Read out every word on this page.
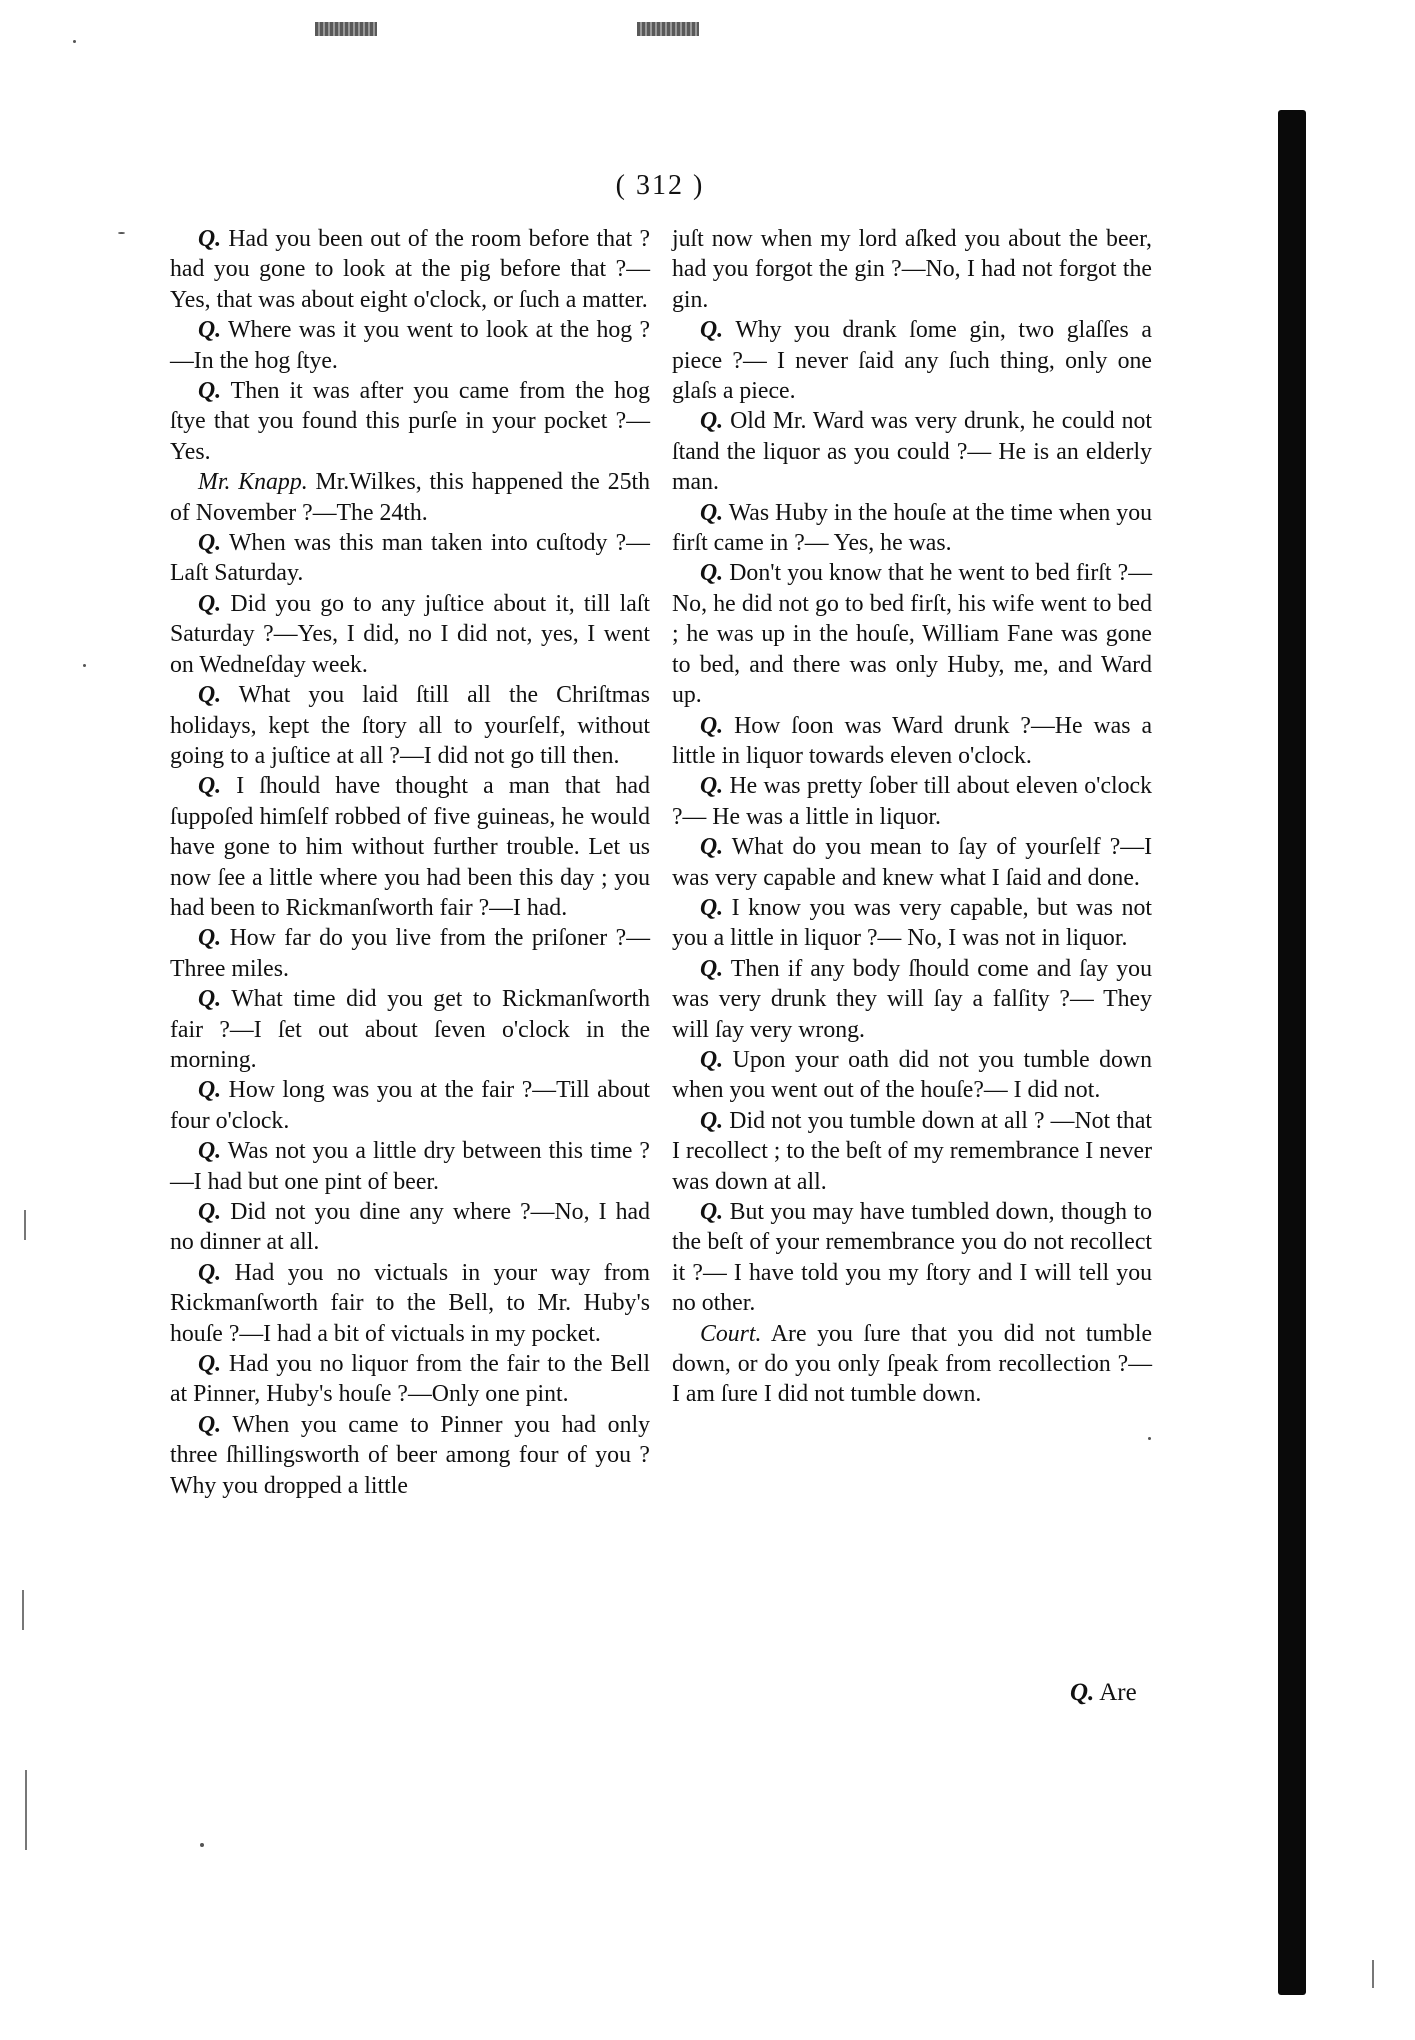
( 312 )

Q. Had you been out of the room before that ? had you gone to look at the pig before that ?—Yes, that was about eight o'clock, or ſuch a matter.

Q. Where was it you went to look at the hog ?—In the hog ſtye.

Q. Then it was after you came from the hog ſtye that you found this purſe in your pocket ?— Yes.

Mr. Knapp. Mr.Wilkes, this happened the 25th of November ?—The 24th.

Q. When was this man taken into cuſtody ?—Laſt Saturday.

Q. Did you go to any juſtice about it, till laſt Saturday ?—Yes, I did, no I did not, yes, I went on Wedneſday week.

Q. What you laid ſtill all the Chriſtmas holidays, kept the ſtory all to yourſelf, without going to a juſtice at all ?—I did not go till then.

Q. I ſhould have thought a man that had ſuppoſed himſelf robbed of five guineas, he would have gone to him without further trouble. Let us now ſee a little where you had been this day ; you had been to Rickmanſworth fair ?—I had.

Q. How far do you live from the priſoner ?—Three miles.

Q. What time did you get to Rickmanſworth fair ?—I ſet out about ſeven o'clock in the morning.

Q. How long was you at the fair ?—Till about four o'clock.

Q. Was not you a little dry between this time ?—I had but one pint of beer.

Q. Did not you dine any where ?—No, I had no dinner at all.

Q. Had you no victuals in your way from Rickmanſworth fair to the Bell, to Mr. Huby's houſe ?—I had a bit of victuals in my pocket.

Q. Had you no liquor from the fair to the Bell at Pinner, Huby's houſe ?—Only one pint.

Q. When you came to Pinner you had only three ſhillingsworth of beer among four of you ? Why you dropped a little

juſt now when my lord aſked you about the beer, had you forgot the gin ?—No, I had not forgot the gin.

Q. Why you drank ſome gin, two glaſſes a piece ?— I never ſaid any ſuch thing, only one glaſs a piece.

Q. Old Mr. Ward was very drunk, he could not ſtand the liquor as you could ?— He is an elderly man.

Q. Was Huby in the houſe at the time when you firſt came in ?— Yes, he was.

Q. Don't you know that he went to bed firſt ?—No, he did not go to bed firſt, his wife went to bed ; he was up in the houſe, William Fane was gone to bed, and there was only Huby, me, and Ward up.

Q. How ſoon was Ward drunk ?—He was a little in liquor towards eleven o'clock.

Q. He was pretty ſober till about eleven o'clock ?— He was a little in liquor.

Q. What do you mean to ſay of yourſelf ?—I was very capable and knew what I ſaid and done.

Q. I know you was very capable, but was not you a little in liquor ?— No, I was not in liquor.

Q. Then if any body ſhould come and ſay you was very drunk they will ſay a falſity ?— They will ſay very wrong.

Q. Upon your oath did not you tumble down when you went out of the houſe?— I did not.

Q. Did not you tumble down at all ? —Not that I recollect ; to the beſt of my remembrance I never was down at all.

Q. But you may have tumbled down, though to the beſt of your remembrance you do not recollect it ?— I have told you my ſtory and I will tell you no other.

Court. Are you ſure that you did not tumble down, or do you only ſpeak from recollection ?— I am ſure I did not tumble down.

Q. Are
